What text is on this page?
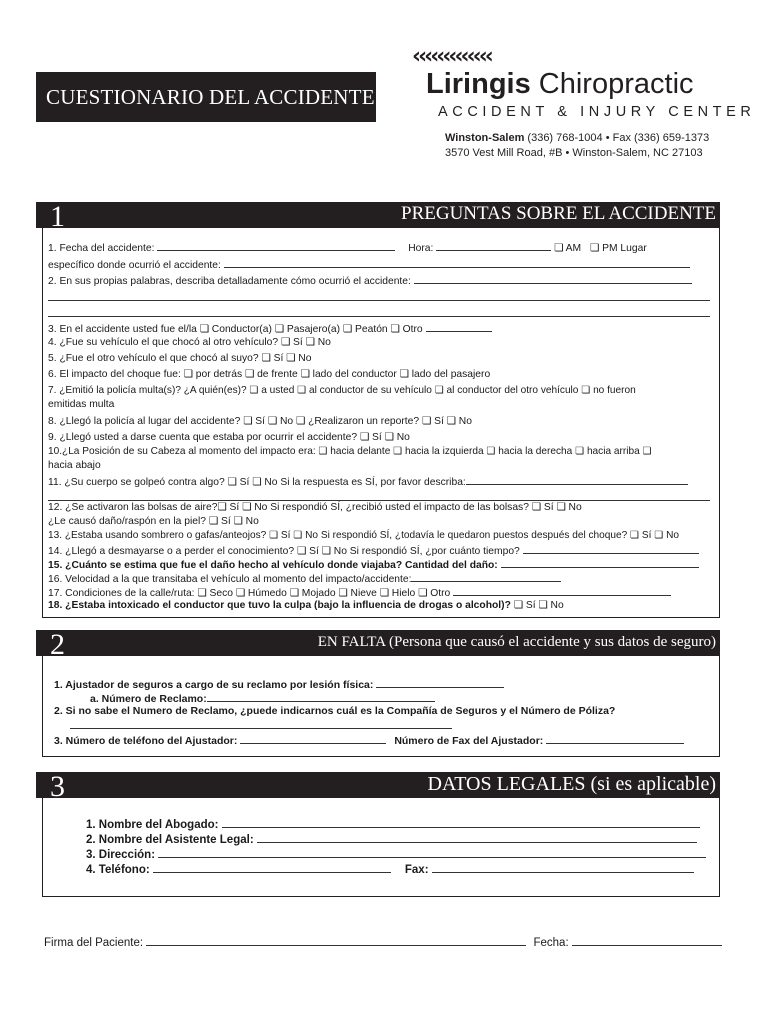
CUESTIONARIO DEL ACCIDENTE
‹‹‹‹‹‹‹‹‹‹‹‹‹
Liringis Chiropractic
ACCIDENT & INJURY CENTER
Winston-Salem (336) 768-1004 • Fax (336) 659-1373
3570 Vest Mill Road, #B • Winston-Salem, NC 27103
1	PREGUNTAS SOBRE EL ACCIDENTE
1. Fecha del accidente:	Hora:	❏ AM ❏ PM Lugar
específico donde ocurrió el accidente:
2. En sus propias palabras, describa detalladamente cómo ocurrió el accidente:
3. En el accidente usted fue el/la ❏ Conductor(a) ❏ Pasajero(a) ❏ Peatón ❏ Otro
4. ¿Fue su vehículo el que chocó al otro vehículo? ❏ Sí ❏ No
5. ¿Fue el otro vehículo el que chocó al suyo? ❏ Sí ❏ No
6. El impacto del choque fue: ❏ por detrás ❏ de frente ❏ lado del conductor ❏ lado del pasajero
7. ¿Emitió la policía multa(s)? ¿A quién(es)? ❏ a usted ❏ al conductor de su vehículo ❏ al conductor del otro vehículo ❏ no fueron
emitidas multa
8. ¿Llegó la policía al lugar del accidente? ❏ Sí ❏ No ❏ ¿Realizaron un reporte? ❏ Sí ❏ No
9. ¿Llegó usted a darse cuenta que estaba por ocurrir el accidente? ❏ Sí ❏ No
10.¿La Posición de su Cabeza al momento del impacto era: ❏ hacia delante ❏ hacia la izquierda ❏ hacia la derecha ❏ hacia arriba ❏
hacia abajo
11. ¿Su cuerpo se golpeó contra algo? ❏ Sí ❏ No Si la respuesta es SÍ, por favor describa:
12. ¿Se activaron las bolsas de aire?❏ Sí ❏ No Si respondió SÍ, ¿recibió usted el impacto de las bolsas? ❏ Sí ❏ No
¿Le causó daño/raspón en la piel? ❏ Sí ❏ No
13. ¿Estaba usando sombrero o gafas/anteojos? ❏ Sí ❏ No Si respondió SÍ, ¿todavía le quedaron puestos después del choque? ❏ Sí ❏ No
14. ¿Llegó a desmayarse o a perder el conocimiento? ❏ Sí ❏ No Si respondió SÍ, ¿por cuánto tiempo?
15. ¿Cuánto se estima que fue el daño hecho al vehículo donde viajaba? Cantidad del daño:
16. Velocidad a la que transitaba el vehículo al momento del impacto/accidente:
17. Condiciones de la calle/ruta: ❏ Seco ❏ Húmedo ❏ Mojado ❏ Nieve ❏ Hielo ❏ Otro
18. ¿Estaba intoxicado el conductor que tuvo la culpa (bajo la influencia de drogas o alcohol)? ❏ Sí ❏ No
2	EN FALTA (Persona que causó el accidente y sus datos de seguro)
1. Ajustador de seguros a cargo de su reclamo por lesión física:
a. Número de Reclamo:
2. Si no sabe el Numero de Reclamo, ¿puede indicarnos cuál es la Compañía de Seguros y el Número de Póliza?
3. Número de teléfono del Ajustador:	Número de Fax del Ajustador:
3	DATOS LEGALES (si es aplicable)
1. Nombre del Abogado:
2. Nombre del Asistente Legal:
3. Dirección:
4. Teléfono:	Fax:
Firma del Paciente:	Fecha:
